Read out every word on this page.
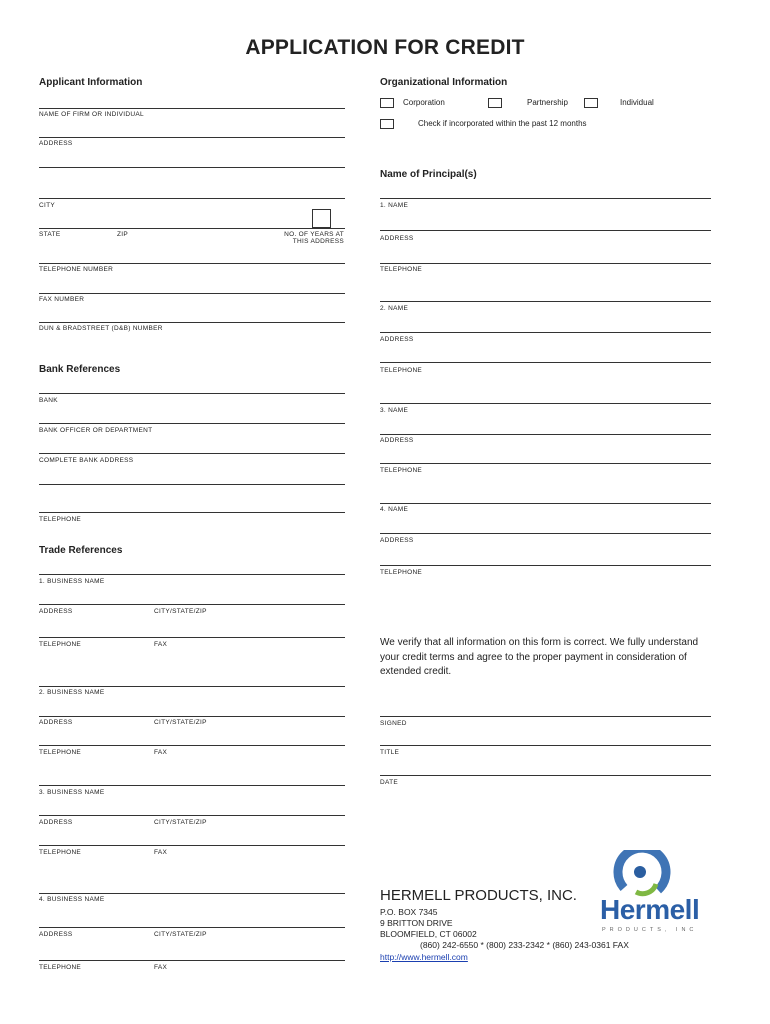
APPLICATION FOR CREDIT
Applicant Information
NAME OF FIRM OR INDIVIDUAL
ADDRESS
CITY
STATE	ZIP	NO. OF YEARS AT
THIS ADDRESS
TELEPHONE NUMBER
FAX NUMBER
DUN & BRADSTREET (D&B) NUMBER
Bank References
BANK
BANK OFFICER OR DEPARTMENT
COMPLETE BANK ADDRESS
TELEPHONE
Trade References
1. BUSINESS NAME
ADDRESS	CITY/STATE/ZIP
TELEPHONE	FAX
2. BUSINESS NAME
ADDRESS	CITY/STATE/ZIP
TELEPHONE	FAX
3. BUSINESS NAME
ADDRESS	CITY/STATE/ZIP
TELEPHONE	FAX
4. BUSINESS NAME
ADDRESS	CITY/STATE/ZIP
TELEPHONE	FAX
Organizational Information
Corporation	Partnership	Individual
Check if incorporated within the past 12 months
Name of Principal(s)
1. NAME
ADDRESS
TELEPHONE
2. NAME
ADDRESS
TELEPHONE
3. NAME
ADDRESS
TELEPHONE
4. NAME
ADDRESS
TELEPHONE
We verify that all information on this form is correct. We fully understand your credit terms and agree to the proper payment in consideration of extended credit.
SIGNED
TITLE
DATE
HERMELL PRODUCTS, INC.
P.O. BOX 7345
9 BRITTON DRIVE
BLOOMFIELD, CT 06002
(860) 242-6550 * (800) 233-2342 * (860) 243-0361 FAX
http://www.hermell.com
Hermell
PRODUCTS, INC
